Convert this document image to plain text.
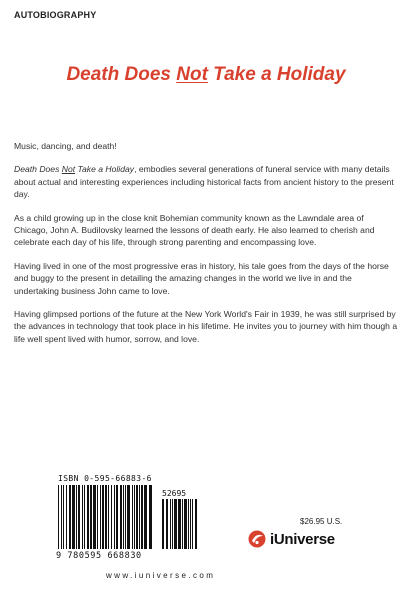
AUTOBIOGRAPHY
Death Does Not Take a Holiday

Music, dancing, and death!

Death Does Not Take a Holiday, embodies several generations of funeral service with many details about actual and interesting experiences including historical facts from ancient history to the present day.

As a child growing up in the close knit Bohemian community known as the Lawndale area of Chicago, John A. Budilovsky learned the lessons of death early. He also learned to cherish and celebrate each day of his life, through strong parenting and encompassing love.

Having lived in one of the most progressive eras in history, his tale goes from the days of the horse and buggy to the present in detailing the amazing changes in the world we live in and the undertaking business John came to love.

Having glimpsed portions of the future at the New York World's Fair in 1939, he was still surprised by the advances in technology that took place in his lifetime. He invites you to journey with him though a life well spent lived with humor, sorrow, and love.

ISBN 0-595-66883-6
52695
9 780595 668830
$26.95 U.S.
iUniverse
www.iuniverse.com
